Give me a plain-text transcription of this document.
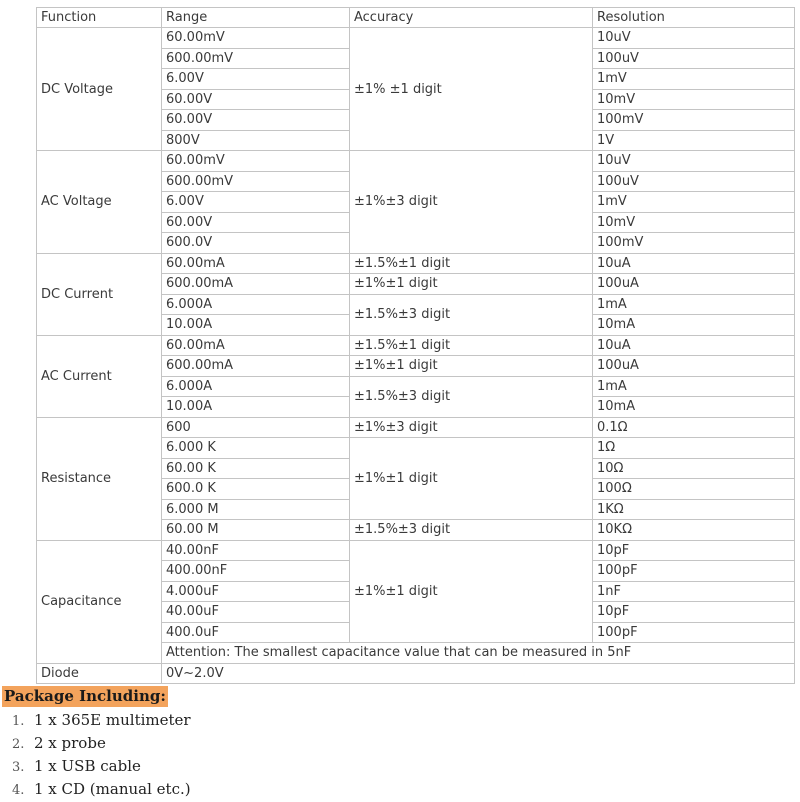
Function	Range	Accuracy	Resolution
DC Voltage	60.00mV	±1% ±1 digit	10uV
	600.00mV		100uV
	6.00V		1mV
	60.00V		10mV
	60.00V		100mV
	800V		1V
AC Voltage	60.00mV	±1%±3 digit	10uV
	600.00mV		100uV
	6.00V		1mV
	60.00V		10mV
	600.0V		100mV
DC Current	60.00mA	±1.5%±1 digit	10uA
	600.00mA	±1%±1 digit	100uA
	6.000A	±1.5%±3 digit	1mA
	10.00A		10mA
AC Current	60.00mA	±1.5%±1 digit	10uA
	600.00mA	±1%±1 digit	100uA
	6.000A	±1.5%±3 digit	1mA
	10.00A		10mA
Resistance	600	±1%±3 digit	0.1Ω
	6.000 K	±1%±1 digit	1Ω
	60.00 K		10Ω
	600.0 K		100Ω
	6.000 M		1KΩ
	60.00 M	±1.5%±3 digit	10KΩ
Capacitance	40.00nF	±1%±1 digit	10pF
	400.00nF		100pF
	4.000uF		1nF
	40.00uF		10pF
	400.0uF		100pF
	Attention: The smallest capacitance value that can be measured in 5nF		
Diode	0V~2.0V		
Package Including:
1. 1 x 365E multimeter
2. 2 x probe
3. 1 x USB cable
4. 1 x CD (manual etc.)
